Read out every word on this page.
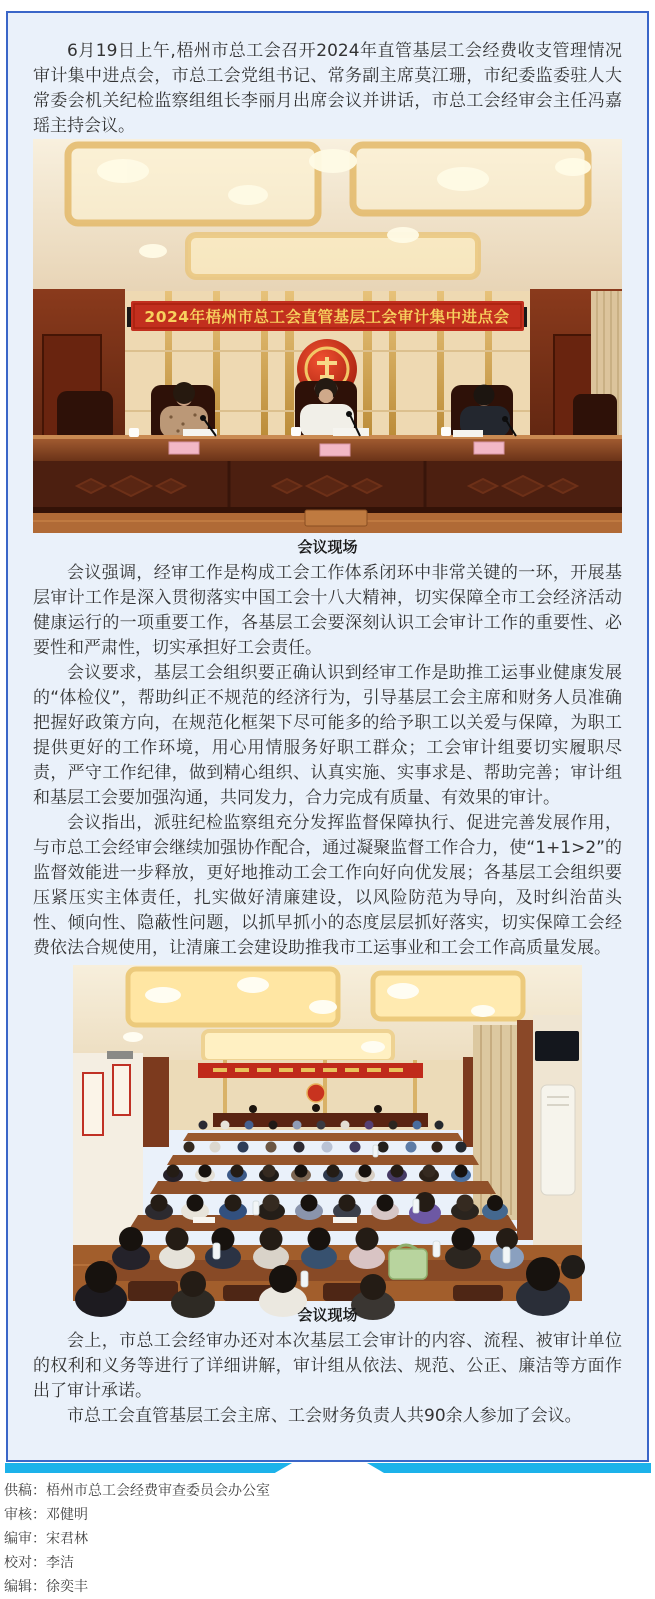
6月19日上午,梧州市总工会召开2024年直管基层工会经费收支管理情况审计集中进点会，市总工会党组书记、常务副主席莫江珊，市纪委监委驻人大常委会机关纪检监察组组长李丽月出席会议并讲话，市总工会经审会主任冯嘉瑶主持会议。

2024年梧州市总工会直管基层工会审计集中进点会
会议现场

会议强调，经审工作是构成工会工作体系闭环中非常关键的一环，开展基层审计工作是深入贯彻落实中国工会十八大精神，切实保障全市工会经济活动健康运行的一项重要工作，各基层工会要深刻认识工会审计工作的重要性、必要性和严肃性，切实承担好工会责任。

会议要求，基层工会组织要正确认识到经审工作是助推工运事业健康发展的“体检仪”，帮助纠正不规范的经济行为，引导基层工会主席和财务人员准确把握好政策方向，在规范化框架下尽可能多的给予职工以关爱与保障，为职工提供更好的工作环境，用心用情服务好职工群众；工会审计组要切实履职尽责，严守工作纪律，做到精心组织、认真实施、实事求是、帮助完善；审计组和基层工会要加强沟通，共同发力，合力完成有质量、有效果的审计。

会议指出，派驻纪检监察组充分发挥监督保障执行、促进完善发展作用，与市总工会经审会继续加强协作配合，通过凝聚监督工作合力，使“1+1>2”的监督效能进一步释放，更好地推动工会工作向好向优发展；各基层工会组织要压紧压实主体责任，扎实做好清廉建设，以风险防范为导向，及时纠治苗头性、倾向性、隐蔽性问题，以抓早抓小的态度层层抓好落实，切实保障工会经费依法合规使用，让清廉工会建设助推我市工运事业和工会工作高质量发展。

会议现场

会上，市总工会经审办还对本次基层工会审计的内容、流程、被审计单位的权利和义务等进行了详细讲解，审计组从依法、规范、公正、廉洁等方面作出了审计承诺。

市总工会直管基层工会主席、工会财务负责人共90余人参加了会议。

供稿：梧州市总工会经费审查委员会办公室
审核：邓健明
编审：宋君林
校对：李洁
编辑：徐奕丰
